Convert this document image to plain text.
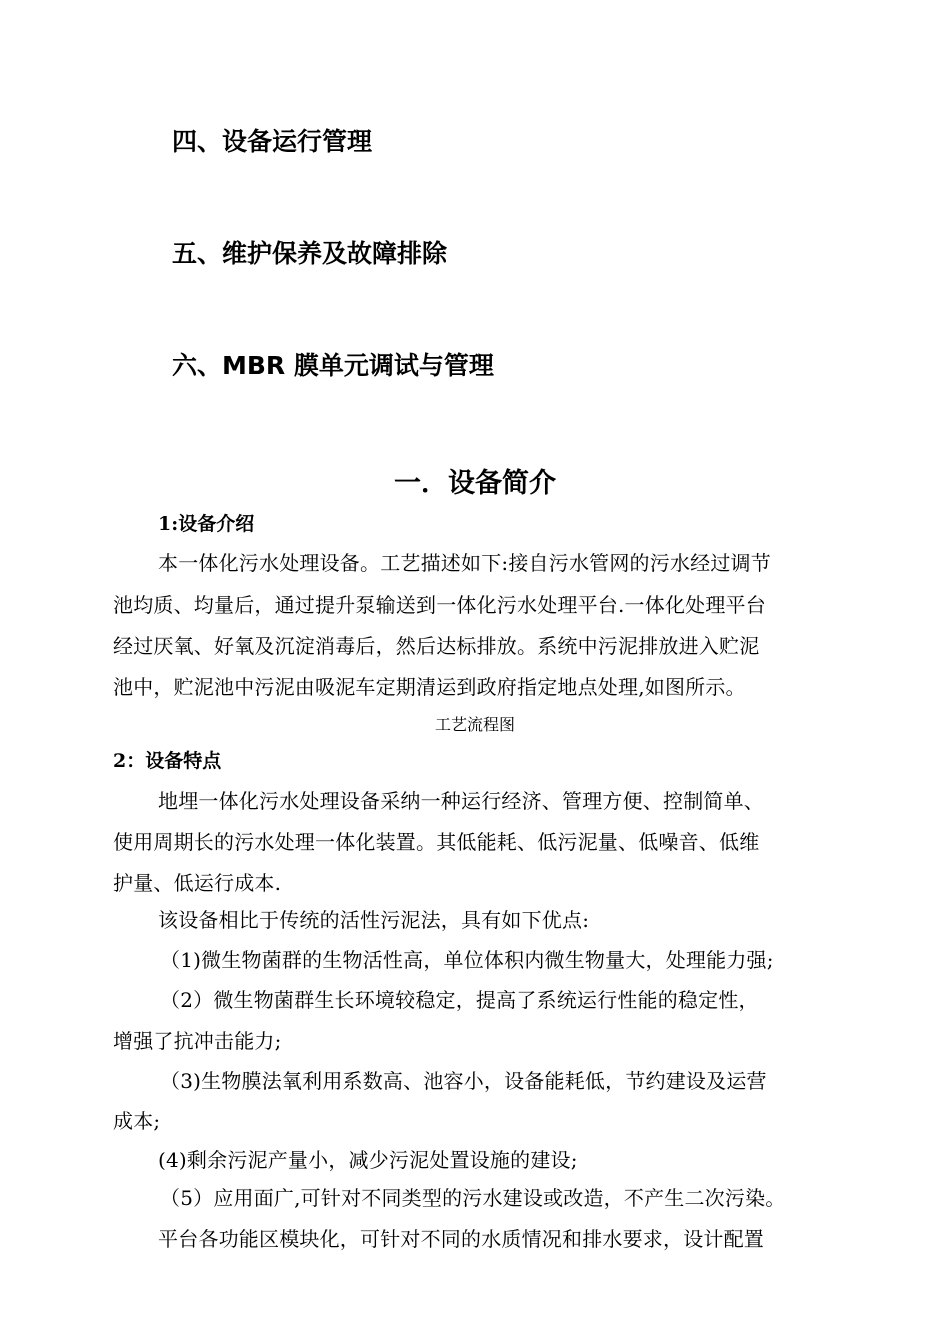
四、设备运行管理
五、维护保养及故障排除
六、MBR 膜单元调试与管理
一．设备简介
1:设备介绍
本一体化污水处理设备。工艺描述如下:接自污水管网的污水经过调节
池均质、均量后，通过提升泵输送到一体化污水处理平台.一体化处理平台
经过厌氧、好氧及沉淀消毒后，然后达标排放。系统中污泥排放进入贮泥
池中，贮泥池中污泥由吸泥车定期清运到政府指定地点处理,如图所示。
工艺流程图
2：设备特点
地埋一体化污水处理设备采纳一种运行经济、管理方便、控制简单、
使用周期长的污水处理一体化装置。其低能耗、低污泥量、低噪音、低维
护量、低运行成本.
该设备相比于传统的活性污泥法，具有如下优点:
（1)微生物菌群的生物活性高，单位体积内微生物量大，处理能力强;
（2）微生物菌群生长环境较稳定，提高了系统运行性能的稳定性，
增强了抗冲击能力;
（3)生物膜法氧利用系数高、池容小，设备能耗低，节约建设及运营
成本;
(4)剩余污泥产量小，减少污泥处置设施的建设;
（5）应用面广,可针对不同类型的污水建设或改造，不产生二次污染。
平台各功能区模块化，可针对不同的水质情况和排水要求，设计配置
